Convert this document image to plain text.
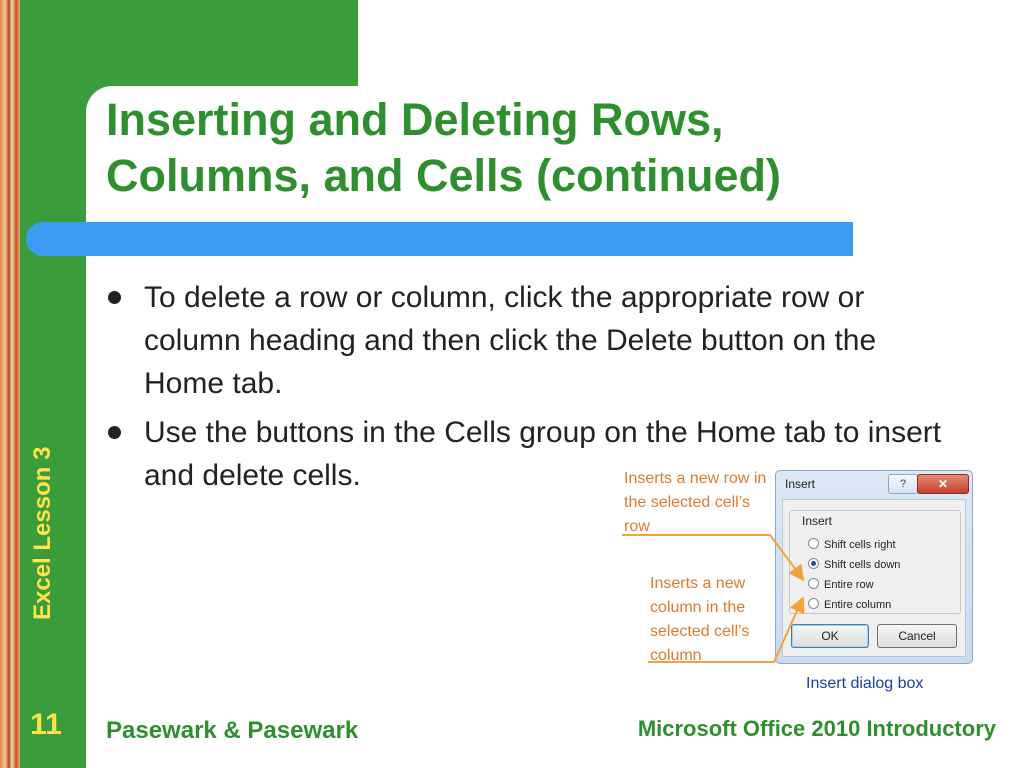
Inserting and Deleting Rows,
Columns, and Cells (continued)
To delete a row or column, click the appropriate row or column heading and then click the Delete button on the Home tab.
Use the buttons in the Cells group on the Home tab to insert and delete cells.
Excel Lesson 3
11	Pasewark & Pasewark	Microsoft Office 2010 Introductory
Inserts a new row in the selected cell’s row
Inserts a new column in the selected cell’s column
Insert	?	✕
Insert
Shift cells right
Shift cells down
Entire row
Entire column
OK	Cancel
Insert dialog box
